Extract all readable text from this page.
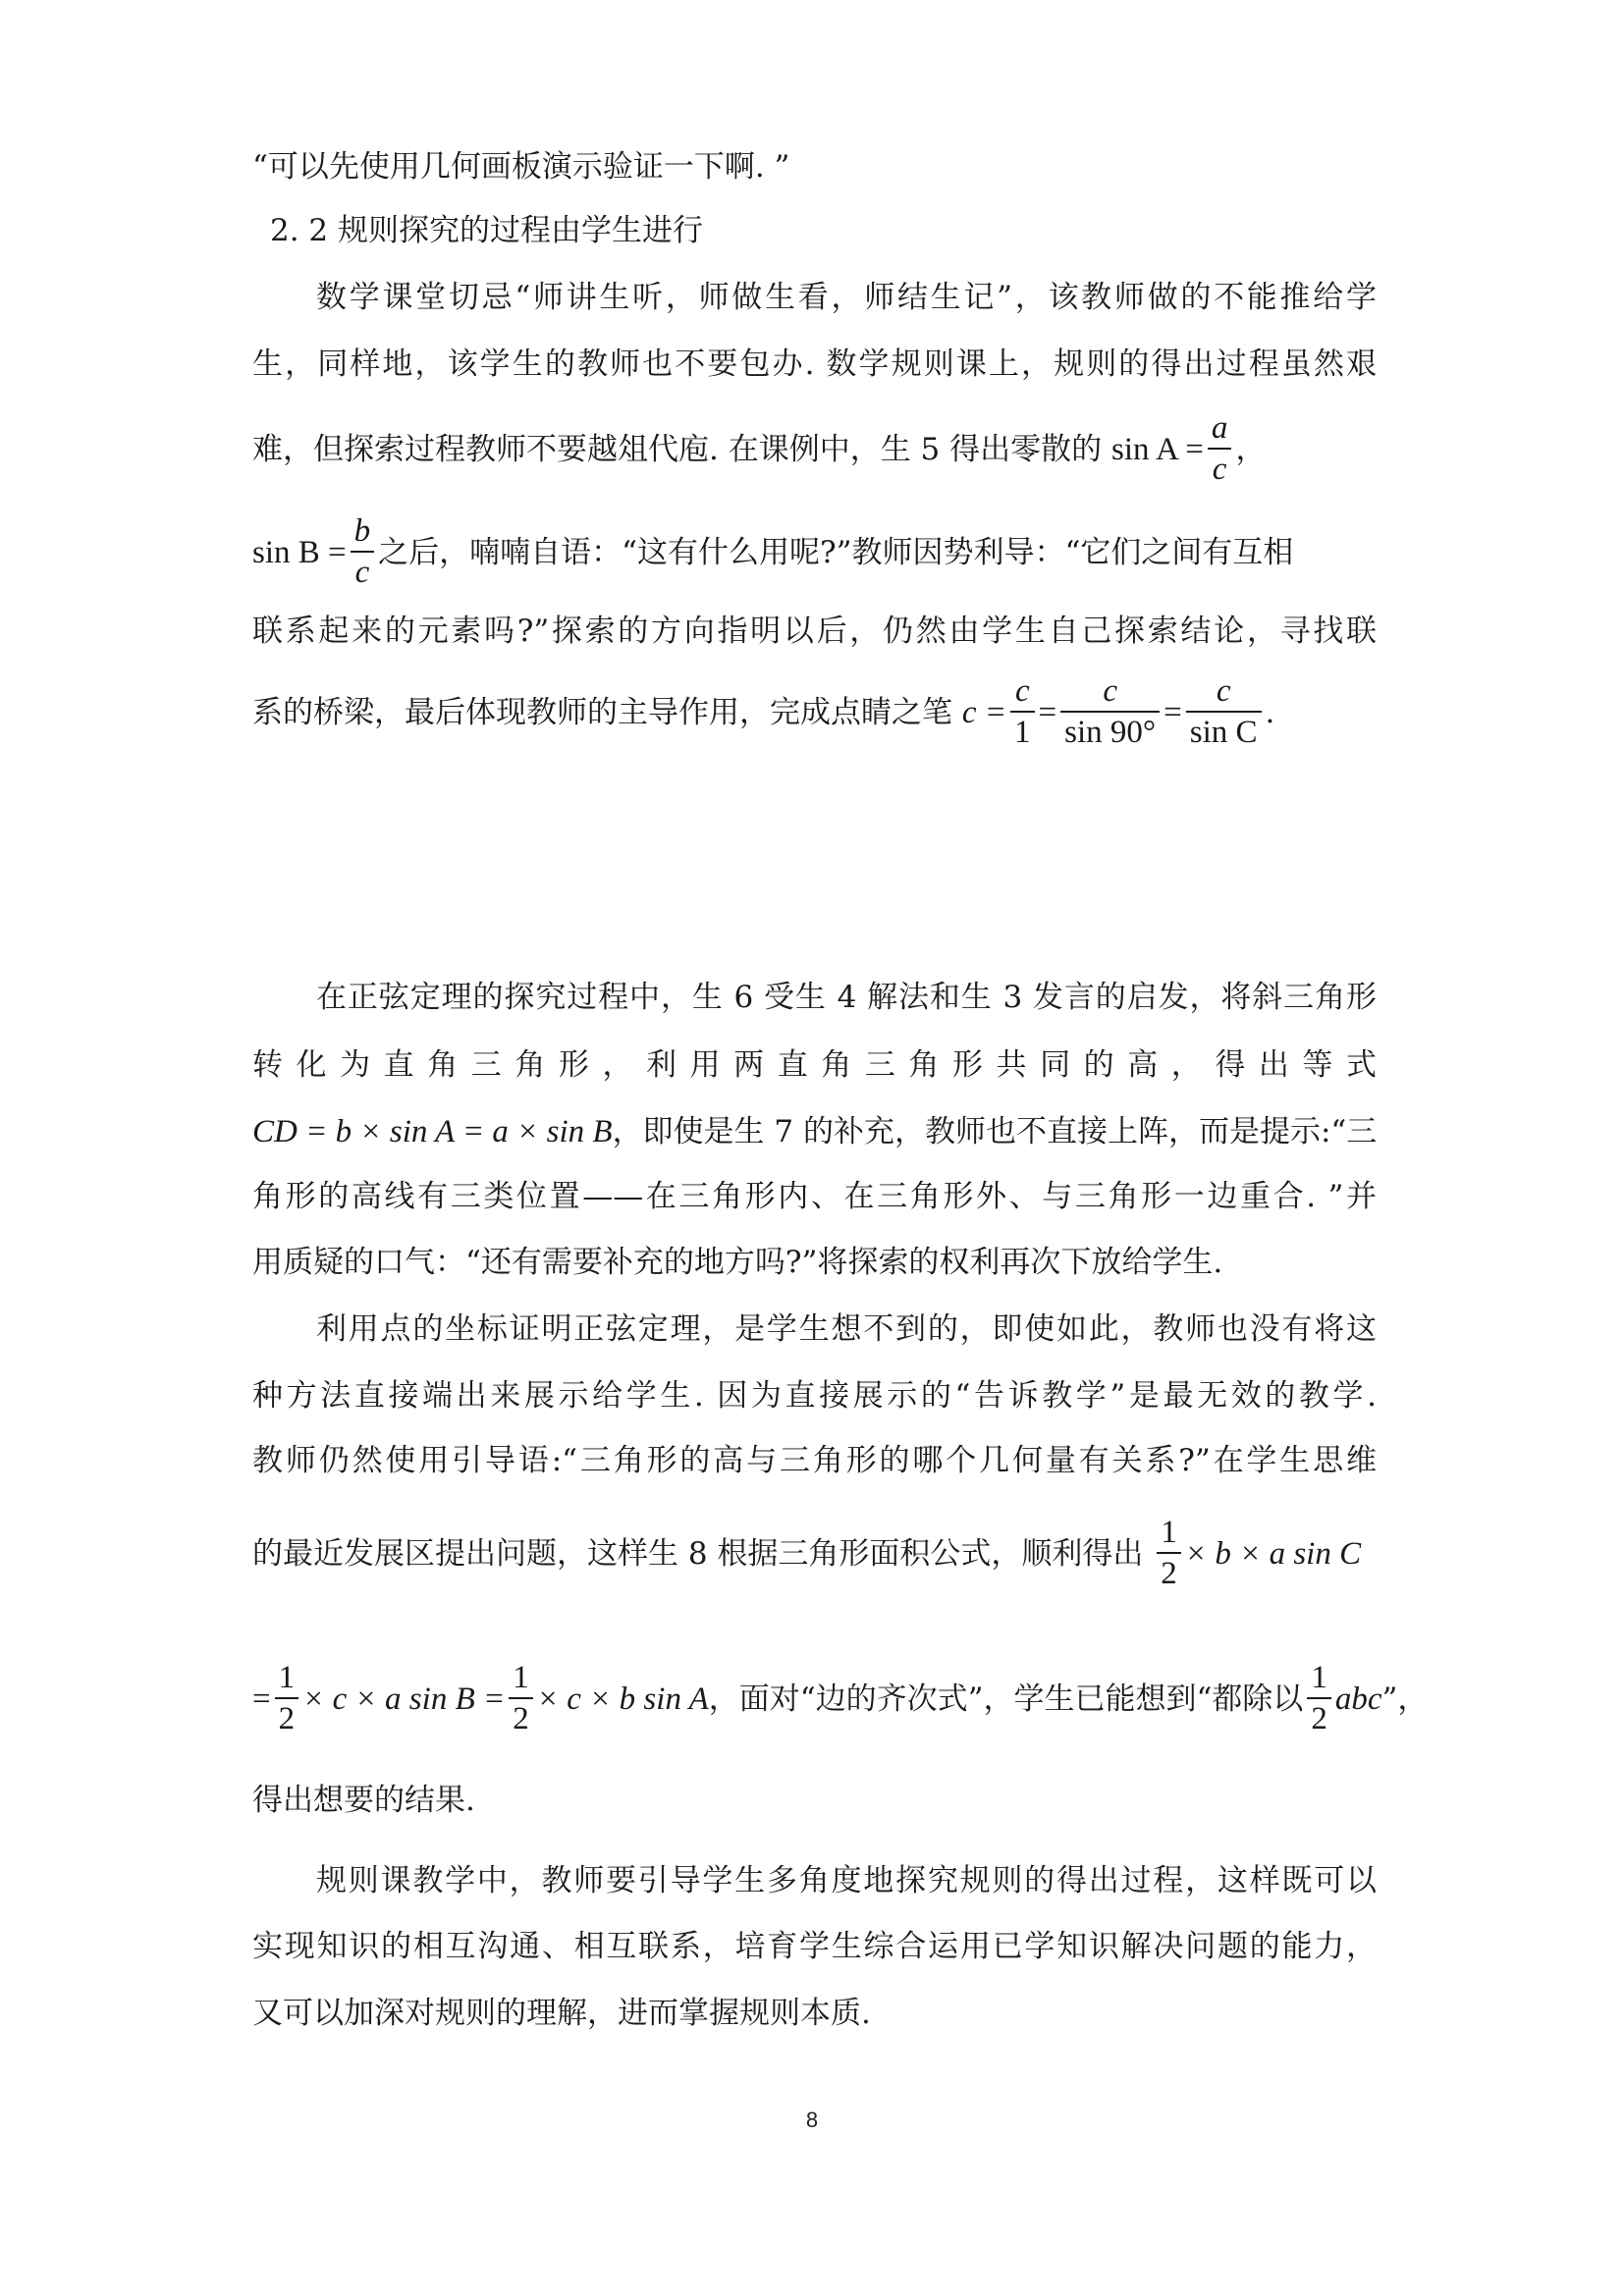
“可以先使用几何画板演示验证一下啊. ”
2. 2 规则探究的过程由学生进行
数学课堂切忌“师讲生听，师做生看，师结生记”，该教师做的不能推给学
生，同样地，该学生的教师也不要包办. 数学规则课上，规则的得出过程虽然艰
难，但探索过程教师不要越俎代庖. 在课例中，生 5 得出零散的 $\sin A = \frac{a}{c}$ ，
$\sin B = \frac{b}{c}$ 之后，喃喃自语：“这有什么用呢?”教师因势利导：“它们之间有互相
联系起来的元素吗?”探索的方向指明以后，仍然由学生自己探索结论，寻找联
系的桥梁，最后体现教师的主导作用，完成点睛之笔 $c = \frac{c}{1} = \frac{c}{\sin 90^\circ} = \frac{c}{\text{sin C}}$ .
在正弦定理的探究过程中，生 6 受生 4 解法和生 3 发言的启发，将斜三角形
转化为直角三角形，利用两直角三角形共同的高，得出等式
CD = b × sin A = a × sin B，即使是生 7 的补充，教师也不直接上阵，而是提示:“三
角形的高线有三类位置——在三角形内、在三角形外、与三角形一边重合. ”并
用质疑的口气：“还有需要补充的地方吗?”将探索的权利再次下放给学生.
利用点的坐标证明正弦定理，是学生想不到的，即使如此，教师也没有将这
种方法直接端出来展示给学生. 因为直接展示的“告诉教学”是最无效的教学.
教师仍然使用引导语:“三角形的高与三角形的哪个几何量有关系?”在学生思维
的最近发展区提出问题，这样生 8 根据三角形面积公式，顺利得出 $\frac{1}{2} \times b \times a$ sin C
= $\frac{1}{2} \times c \times a$ $\sin B = \frac{1}{2} \times c \times b$ sin A，面对“边的齐次式”，学生已能想到“都除以 $\frac{1}{2}$ abc”，
得出想要的结果.
规则课教学中，教师要引导学生多角度地探究规则的得出过程，这样既可以
实现知识的相互沟通、相互联系，培育学生综合运用已学知识解决问题的能力，
又可以加深对规则的理解，进而掌握规则本质.
8
